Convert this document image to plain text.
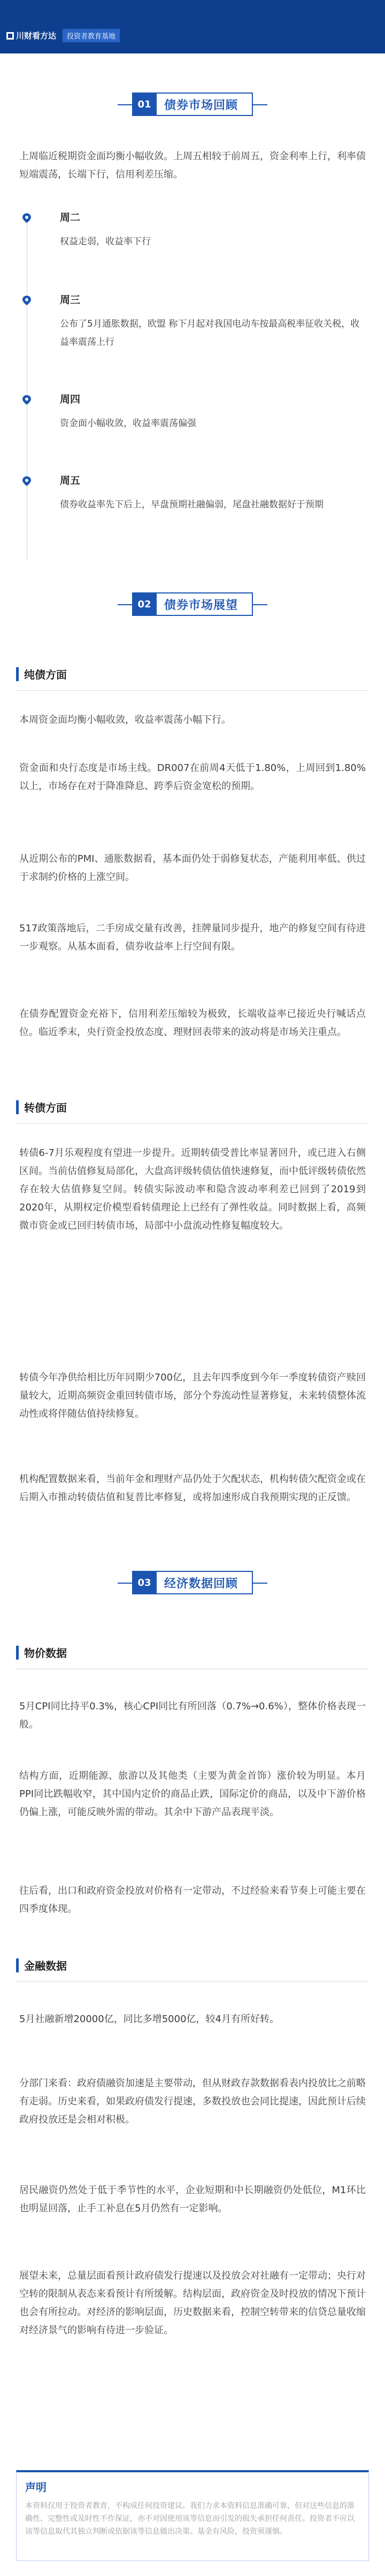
川财看方达	投资者教育基地
01	债券市场回顾

上周临近税期资金面均衡小幅收敛。上周五相较于前周五，资金利率上行，利率债短端震荡，长端下行，信用利差压缩。

周二
权益走弱，收益率下行
周三
公布了5月通胀数据，欧盟 称下月起对我国电动车按最高税率征收关税，收益率震荡上行
周四
资金面小幅收敛，收益率震荡偏强
周五
债券收益率先下后上，早盘预期社融偏弱，尾盘社融数据好于预期
02	债券市场展望
纯债方面

本周资金面均衡小幅收敛，收益率震荡小幅下行。

资金面和央行态度是市场主线。DR007在前周4天低于1.80%，上周回到1.80%以上，市场存在对于降准降息、跨季后资金宽松的预期。

从近期公布的PMI、通胀数据看，基本面仍处于弱修复状态，产能利用率低、供过于求制约价格的上涨空间。

517政策落地后，二手房成交量有改善，挂牌量同步提升，地产的修复空间有待进一步观察。从基本面看，债券收益率上行空间有限。

在债券配置资金充裕下，信用利差压缩较为极致，长端收益率已接近央行喊话点位。临近季末，央行资金投放态度、理财回表带来的波动将是市场关注重点。

转债方面

转债6-7月乐观程度有望进一步提升。近期转债受普比率显著回升，或已进入右侧区间。当前估值修复局部化，大盘高评级转债估值快速修复，而中低评级转债依然存在较大估值修复空间。转债实际波动率和隐含波动率利差已回到了2019到2020年，从期权定价模型看转债理论上已经有了弹性收益。同时数据上看，高频微市资金或已回归转债市场，局部中小盘流动性修复幅度较大。

转债今年净供给相比历年同期少700亿，且去年四季度到今年一季度转债资产赎回量较大，近期高频资金重回转债市场，部分个券流动性显著修复，未来转债整体流动性或将伴随估值持续修复。

机构配置数据来看，当前年金和理财产品仍处于欠配状态，机构转债欠配资金或在后期入市推动转债估值和复普比率修复，或将加速形成自我预期实现的正反馈。

03	经济数据回顾
物价数据

5月CPI同比持平0.3%，核心CPI同比有所回落（0.7%→0.6%），整体价格表现一般。

结构方面，近期能源、旅游以及其他类（主要为黄金首饰）涨价较为明显。本月PPI同比跌幅收窄，其中国内定价的商品止跌，国际定价的商品，以及中下游价格仍偏上涨，可能反映外需的带动。其余中下游产品表现平淡。

往后看，出口和政府资金投放对价格有一定带动，不过经验来看节奏上可能主要在四季度体现。

金融数据

5月社融新增20000亿，同比多增5000亿，较4月有所好转。

分部门来看：政府债融资加速是主要带动，但从财政存款数据看表内投放比之前略有走弱。历史来看，如果政府债发行提速，多数投放也会同比提速，因此预计后续政府投放还是会相对积极。

居民融资仍然处于低于季节性的水平，企业短期和中长期融资仍处低位，M1环比也明显回落，止手工补息在5月仍然有一定影响。

展望未来，总量层面看预计政府债发行提速以及投放会对社融有一定带动；央行对空转的限制从表态来看预计有所缓解。结构层面，政府资金及时投放的情况下预计也会有所拉动。对经济的影响层面，历史数据来看，控制空转带来的信贷总量收缩对经济景气的影响有待进一步验证。

声明
本资料仅用于投资者教育，不构成任何投资建议。我们力求本资料信息准确可靠，但对这些信息的准确性、完整性或及时性不作保证，亦不对因使用该等信息而引发的损失承担任何责任。投资者不应以该等信息取代其独立判断或依据该等信息做出决策。基金有风险，投资须谨慎。
